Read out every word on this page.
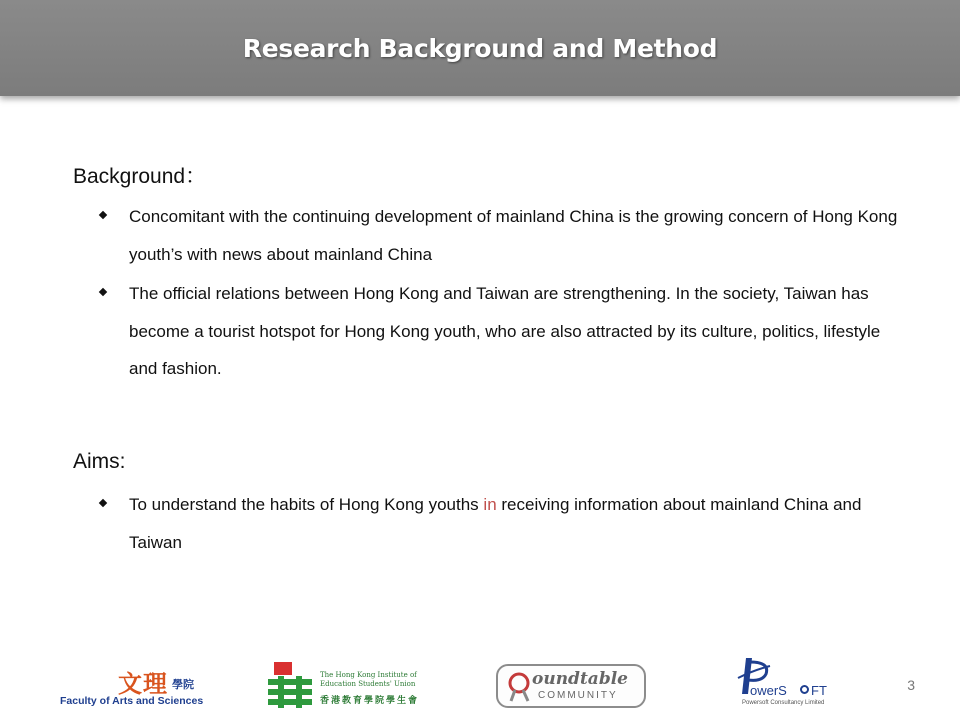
Research Background and Method
Background：
Concomitant with the continuing development of mainland China is the growing concern of Hong Kong youth’s with news about mainland China
The official relations between Hong Kong and Taiwan are strengthening. In the society, Taiwan has become a tourist hotspot for Hong Kong youth, who are also attracted by its culture, politics, lifestyle and fashion.
Aims:
To understand the habits of Hong Kong youths in receiving information about mainland China and Taiwan
文理 學院
Faculty of Arts and Sciences
The Hong Kong Institute of
Education Students' Union
香港教育學院學生會
oundtable
COMMUNITY	owerS FT
Powersoft Consultancy Limited
3
